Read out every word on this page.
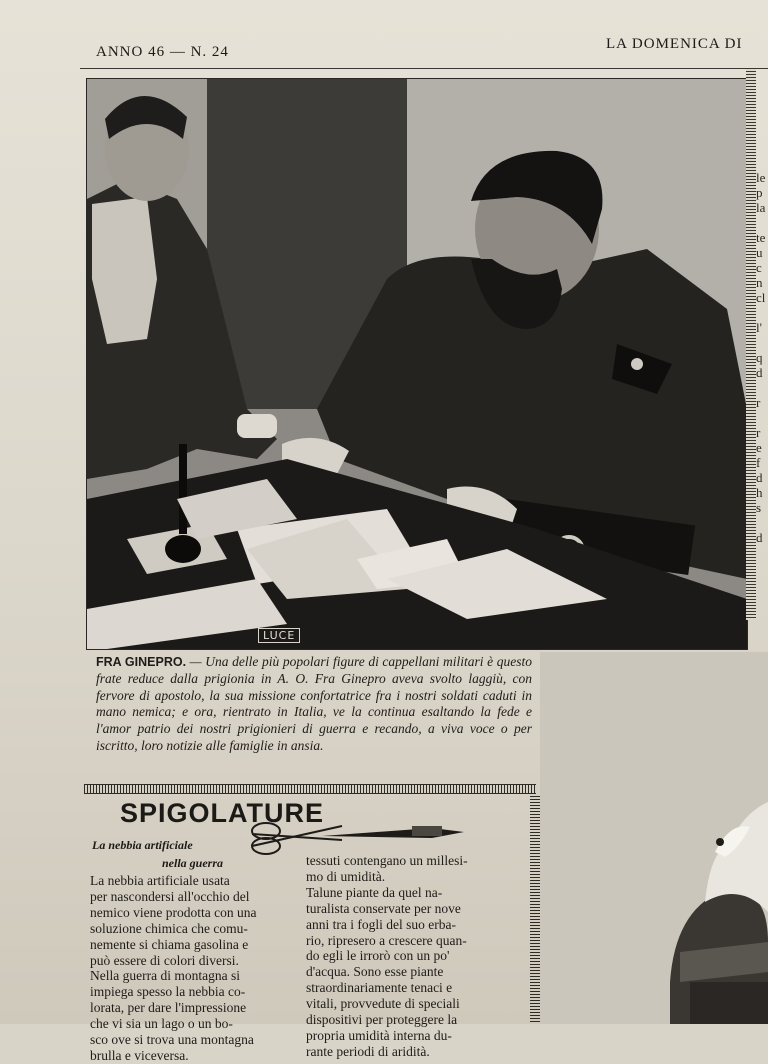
ANNO 46 — N. 24	LA DOMENICA DI
LUCE
le
p
la

te
u
c
n
cl

l'

q
d

r

r
e
f
d
h
s

d
FRA GINEPRO. — Una delle più popolari figure di cappellani militari è questo frate reduce dalla prigionia in A. O. Fra Ginepro aveva svolto laggiù, con fervore di apostolo, la sua missione confortatrice fra i nostri soldati caduti in mano nemica; e ora, rientrato in Italia, ve la continua esaltando la fede e l'amor patrio dei nostri prigionieri di guerra e recando, a viva voce o per iscritto, loro notizie alle famiglie in ansia.
SPIGOLATURE
La nebbia artificiale
nella guerra
La nebbia artificiale usata
per nascondersi all'occhio del
nemico viene prodotta con una
soluzione chimica che comu-
nemente si chiama gasolina e
può essere di colori diversi.
Nella guerra di montagna si
impiega spesso la nebbia co-
lorata, per dare l'impressione
che vi sia un lago o un bo-
sco ove si trova una montagna
brulla e viceversa.
tessuti contengano un millesi-
mo di umidità.
Talune piante da quel na-
turalista conservate per nove
anni tra i fogli del suo erba-
rio, ripresero a crescere quan-
do egli le irrorò con un po'
d'acqua. Sono esse piante
straordinariamente tenaci e
vitali, provvedute di speciali
dispositivi per proteggere la
propria umidità interna du-
rante periodi di aridità.
